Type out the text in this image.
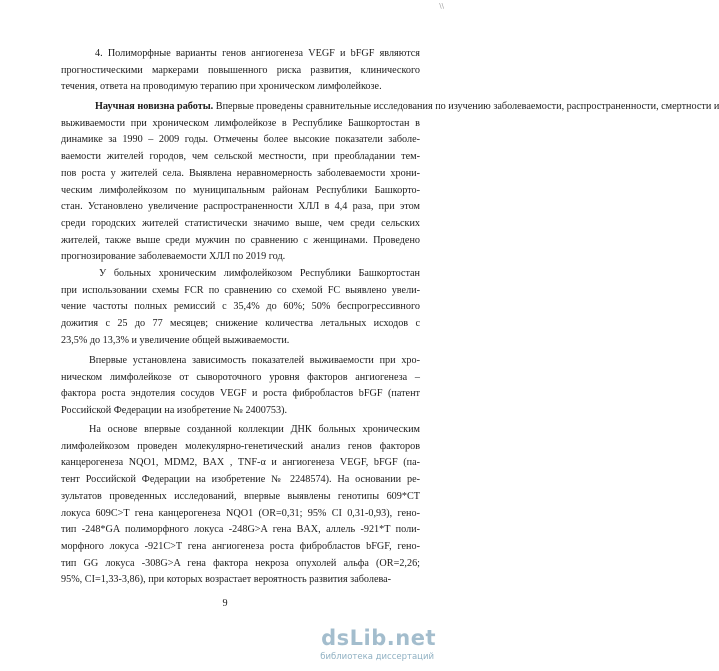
\\
4. Полиморфные варианты генов ангиогенеза VEGF и bFGF являются
прогностическими маркерами повышенного риска развития, клинического
течения, ответа на проводимую терапию при хроническом лимфолейкозе.
Научная новизна работы. Впервые проведены сравнительные исследования по изучению заболеваемости, распространенности, смертности и
выживаемости при хроническом лимфолейкозе в Республике Башкортостан в
динамике за 1990 – 2009 годы. Отмечены более высокие показатели заболе-
ваемости жителей городов, чем сельской местности, при преобладании тем-
пов роста у жителей села. Выявлена неравномерность заболеваемости хрони-
ческим лимфолейкозом по муниципальным районам Республики Башкорто-
стан. Установлено увеличение распространенности ХЛЛ в 4,4 раза, при этом
среди городских жителей статистически значимо выше, чем среди сельских
жителей, также выше среди мужчин по сравнению с женщинами. Проведено
прогнозирование заболеваемости ХЛЛ по 2019 год.
У больных хроническим лимфолейкозом Республики Башкортостан
при использовании схемы FCR по сравнению со схемой FC выявлено увели-
чение частоты полных ремиссий с 35,4% до 60%; 50% беспрогрессивного
дожития с 25 до 77 месяцев; снижение количества летальных исходов с
23,5% до 13,3% и увеличение общей выживаемости.
Впервые установлена зависимость показателей выживаемости при хро-
ническом лимфолейкозе от сывороточного уровня факторов ангиогенеза –
фактора роста эндотелия сосудов VEGF и роста фибробластов bFGF (патент
Российской Федерации на изобретение № 2400753).
На основе впервые созданной коллекции ДНК больных хроническим
лимфолейкозом проведен молекулярно-генетический анализ генов факторов
канцерогенеза NQO1, MDM2, BAX , TNF-α и ангиогенеза VEGF, bFGF (па-
тент Российской Федерации на изобретение № 2248574). На основании ре-
зультатов проведенных исследований, впервые выявлены генотипы 609*CT
локуса 609C>T гена канцерогенеза NQO1 (OR=0,31; 95% CI 0,31-0,93), гено-
тип -248*GA полиморфного локуса -248G>A гена BAX, аллель -921*T поли-
морфного локуса -921C>T гена ангиогенеза роста фибробластов bFGF, гено-
тип GG локуса -308G>A гена фактора некроза опухолей альфа (OR=2,26;
95%, CI=1,33-3,86), при которых возрастает вероятность развития заболева-
9
dsLib.net
библиотека диссертаций
